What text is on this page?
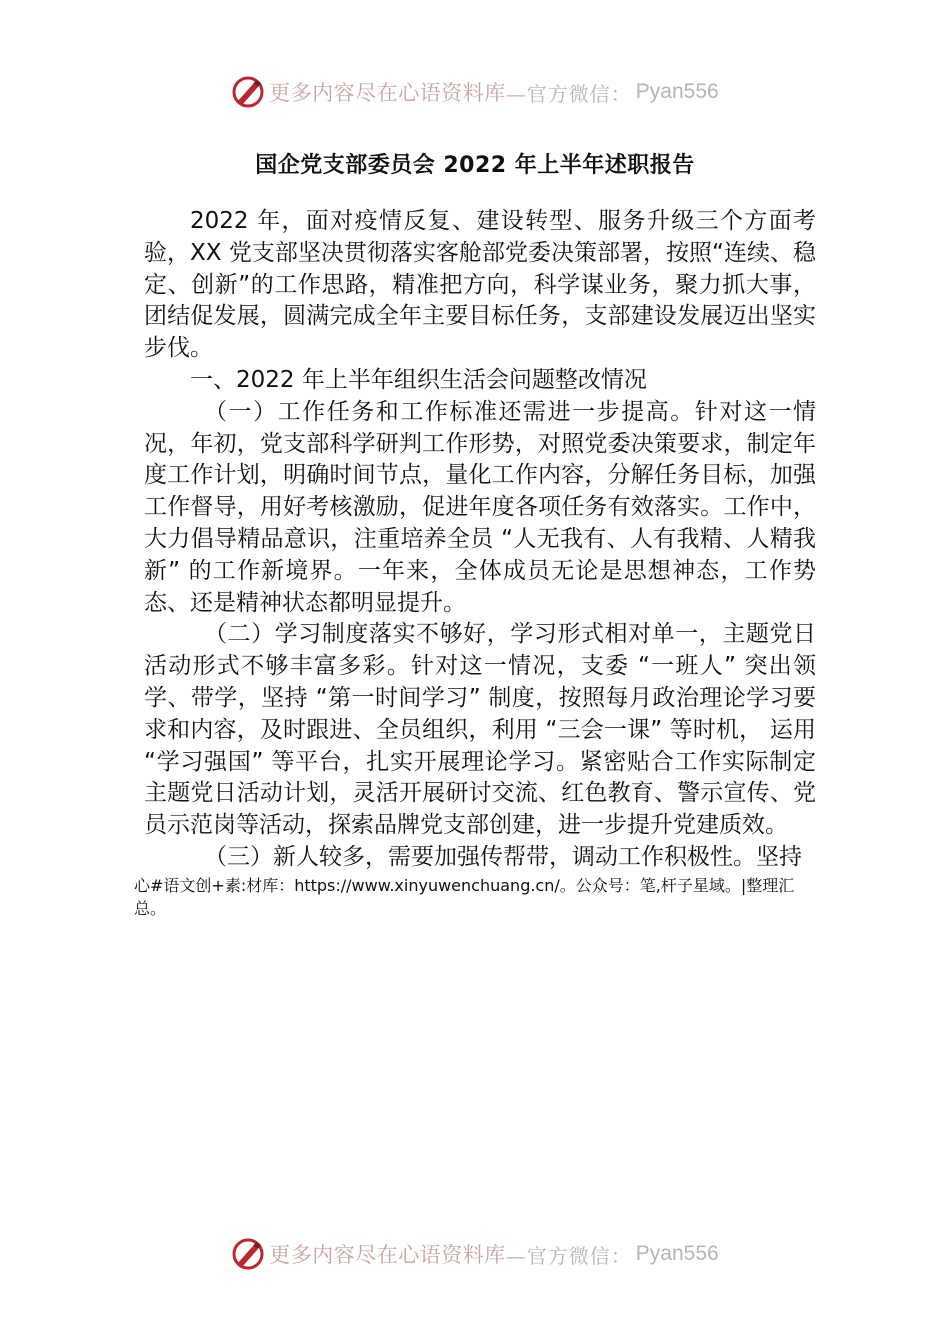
更多内容尽在心语资料库 —官方微信： Pyan556
国企党支部委员会 2022 年上半年述职报告

2022 年，面对疫情反复、建设转型、服务升级三个方面考验，XX 党支部坚决贯彻落实客舱部党委决策部署，按照“连续、稳定、创新”的工作思路，精准把方向，科学谋业务，聚力抓大事，团结促发展，圆满完成全年主要目标任务，支部建设发展迈出坚实步伐。

一、2022 年上半年组织生活会问题整改情况

（一）工作任务和工作标准还需进一步提高。针对这一情况，年初，党支部科学研判工作形势，对照党委决策要求，制定年度工作计划，明确时间节点，量化工作内容，分解任务目标，加强工作督导，用好考核激励，促进年度各项任务有效落实。工作中， 大力倡导精品意识，注重培养全员 “人无我有、人有我精、人精我新” 的工作新境界。一年来，全体成员无论是思想神态，工作势态、还是精神状态都明显提升。

（二）学习制度落实不够好，学习形式相对单一，主题党日活动形式不够丰富多彩。针对这一情况，支委 “一班人” 突出领学、带学，坚持 “第一时间学习” 制度，按照每月政治理论学习要求和内容，及时跟进、全员组织，利用 “三会一课” 等时机， 运用 “学习强国” 等平台，扎实开展理论学习。紧密贴合工作实际制定主题党日活动计划，灵活开展研讨交流、红色教育、警示宣传、党员示范岗等活动，探索品牌党支部创建，进一步提升党建质效。

（三）新人较多，需要加强传帮带，调动工作积极性。坚持

心#语文创+素:材库：https://www.xinyuwenchuang.cn/。公众号：笔,杆子星域。|整理汇总。
更多内容尽在心语资料库 —官方微信： Pyan556
